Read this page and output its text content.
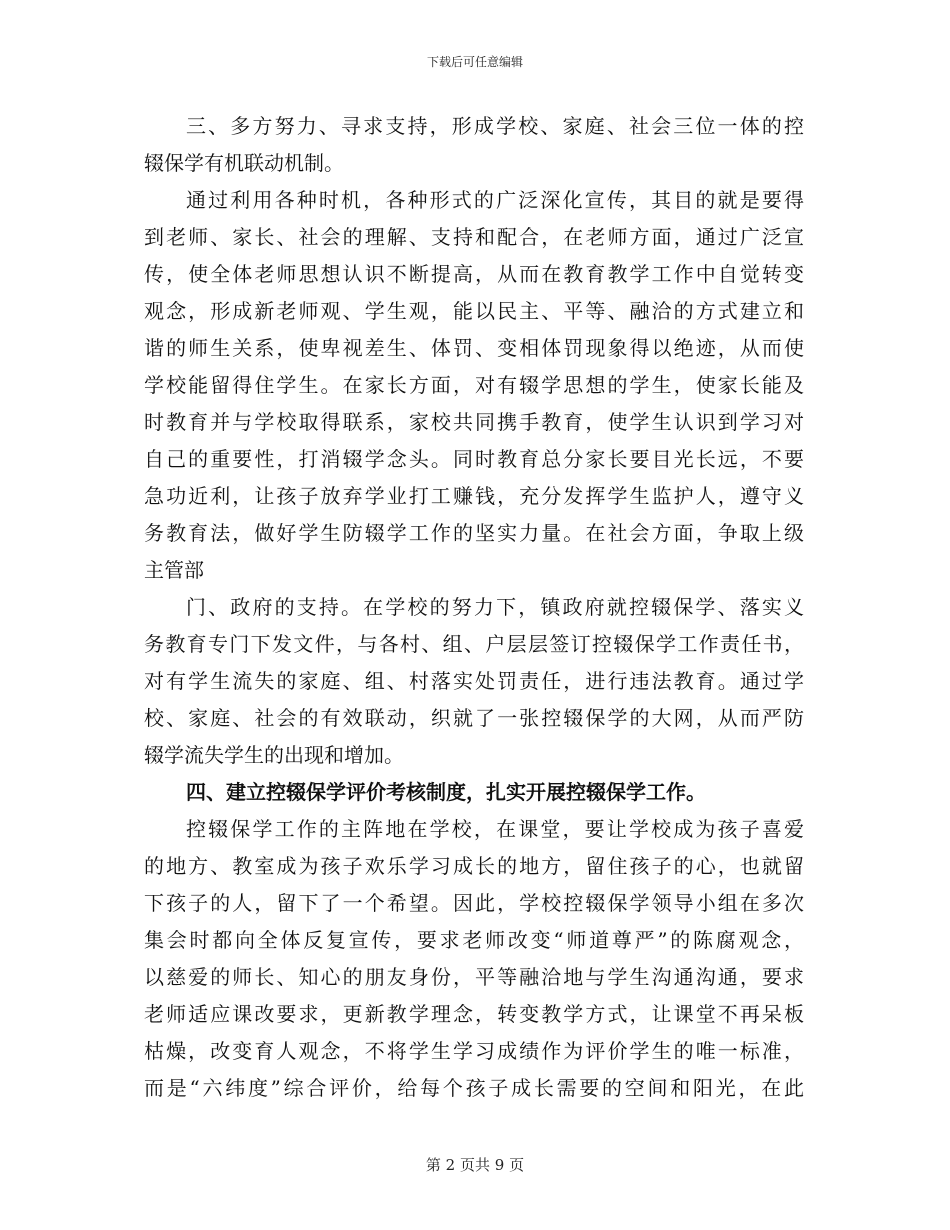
下载后可任意编辑
三、多方努力、寻求支持，形成学校、家庭、社会三位一体的控
辍保学有机联动机制。
通过利用各种时机，各种形式的广泛深化宣传，其目的就是要得
到老师、家长、社会的理解、支持和配合，在老师方面，通过广泛宣
传，使全体老师思想认识不断提高，从而在教育教学工作中自觉转变
观念，形成新老师观、学生观，能以民主、平等、融洽的方式建立和
谐的师生关系，使卑视差生、体罚、变相体罚现象得以绝迹，从而使
学校能留得住学生。在家长方面，对有辍学思想的学生，使家长能及
时教育并与学校取得联系，家校共同携手教育，使学生认识到学习对
自己的重要性，打消辍学念头。同时教育总分家长要目光长远，不要
急功近利，让孩子放弃学业打工赚钱，充分发挥学生监护人，遵守义
务教育法，做好学生防辍学工作的坚实力量。在社会方面，争取上级
主管部
门、政府的支持。在学校的努力下，镇政府就控辍保学、落实义
务教育专门下发文件，与各村、组、户层层签订控辍保学工作责任书，
对有学生流失的家庭、组、村落实处罚责任，进行违法教育。通过学
校、家庭、社会的有效联动，织就了一张控辍保学的大网，从而严防
辍学流失学生的出现和增加。
四、建立控辍保学评价考核制度，扎实开展控辍保学工作。
控辍保学工作的主阵地在学校，在课堂，要让学校成为孩子喜爱
的地方、教室成为孩子欢乐学习成长的地方，留住孩子的心，也就留
下孩子的人，留下了一个希望。因此，学校控辍保学领导小组在多次
集会时都向全体反复宣传，要求老师改变“师道尊严”的陈腐观念，
以慈爱的师长、知心的朋友身份，平等融洽地与学生沟通沟通，要求
老师适应课改要求，更新教学理念，转变教学方式，让课堂不再呆板
枯燥，改变育人观念，不将学生学习成绩作为评价学生的唯一标准，
而是“六纬度”综合评价，给每个孩子成长需要的空间和阳光，在此
第 2 页共 9 页
